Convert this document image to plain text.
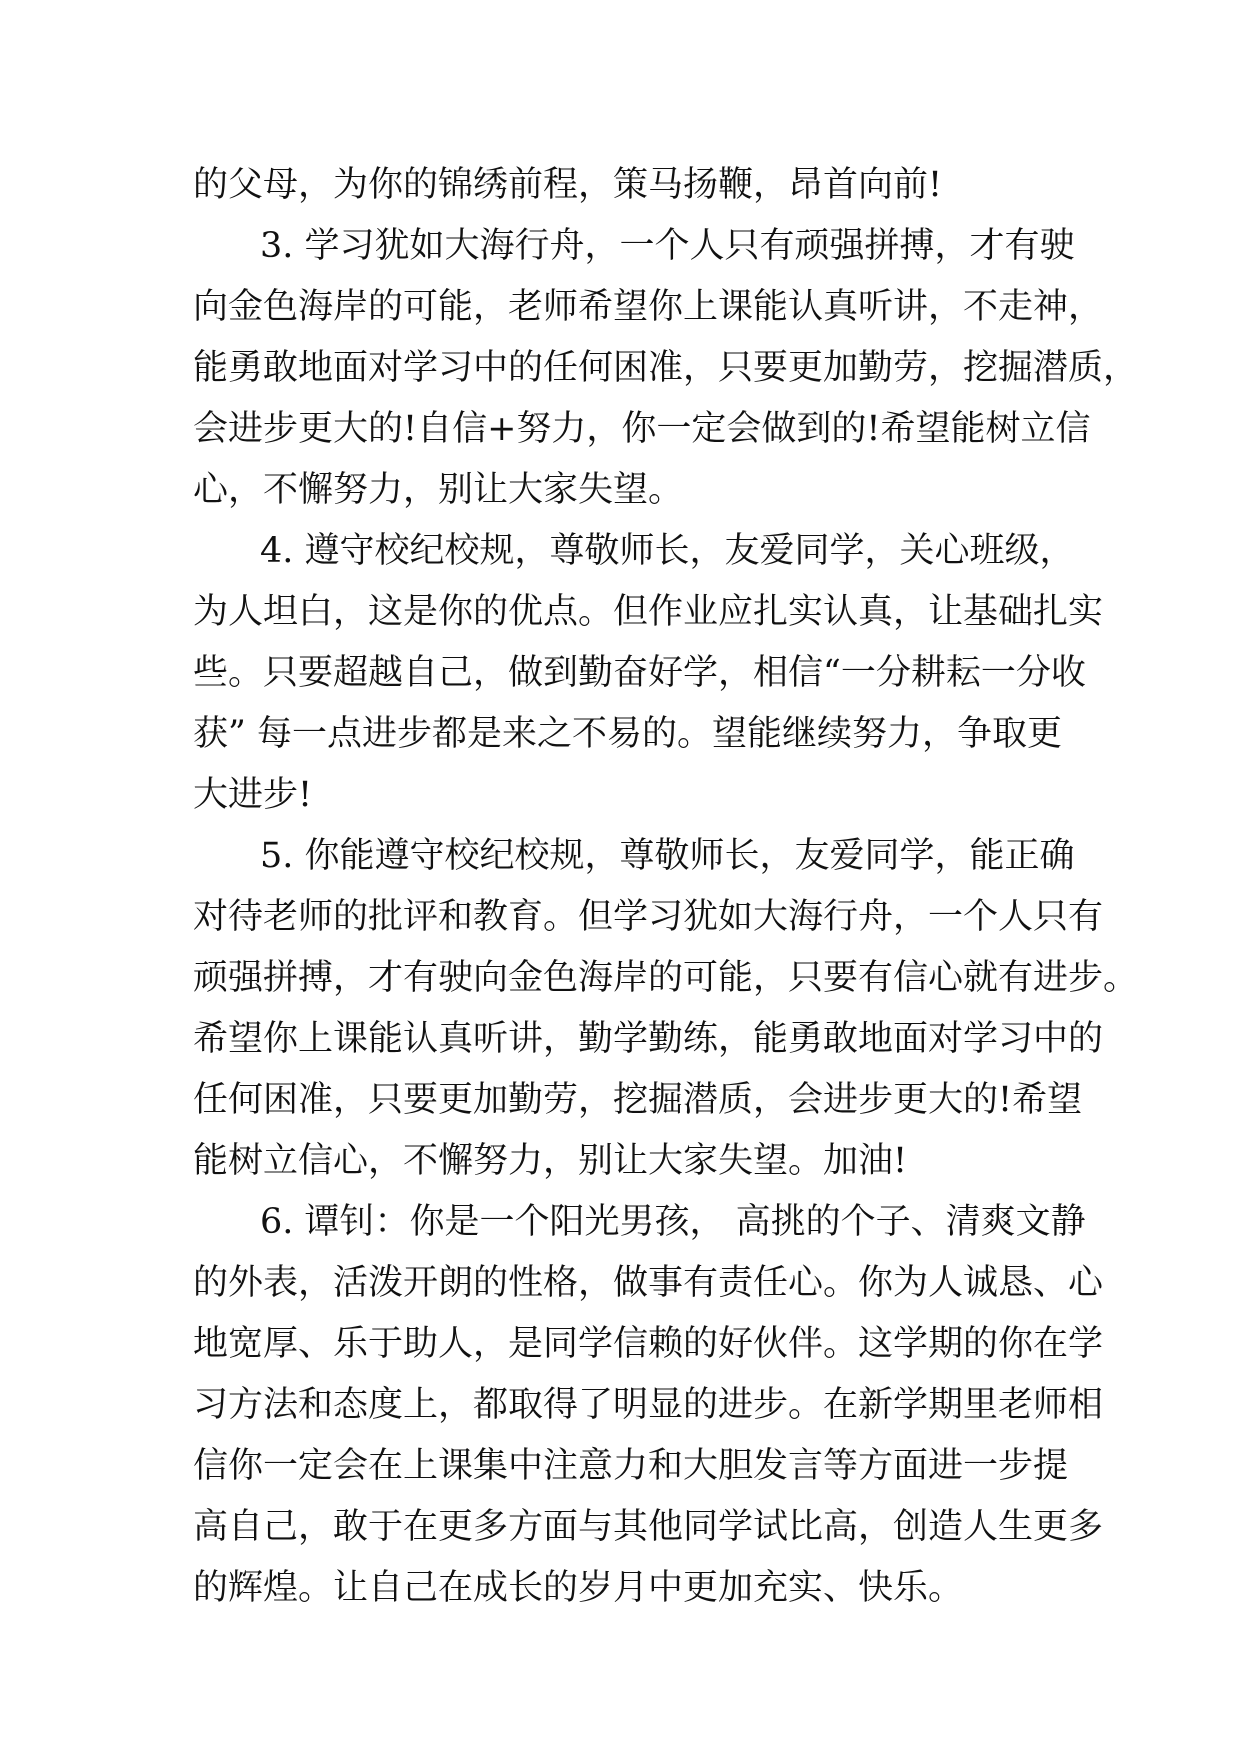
的父母，为你的锦绣前程，策马扬鞭，昂首向前!
3. 学习犹如大海行舟，一个人只有顽强拼搏，才有驶
向金色海岸的可能，老师希望你上课能认真听讲，不走神，
能勇敢地面对学习中的任何困准，只要更加勤劳，挖掘潜质，
会进步更大的!自信+努力，你一定会做到的!希望能树立信
心，不懈努力，别让大家失望。
4. 遵守校纪校规，尊敬师长，友爱同学，关心班级，
为人坦白，这是你的优点。但作业应扎实认真，让基础扎实
些。只要超越自己，做到勤奋好学，相信“一分耕耘一分收
获” 每一点进步都是来之不易的。望能继续努力，争取更
大进步!
5. 你能遵守校纪校规，尊敬师长，友爱同学，能正确
对待老师的批评和教育。但学习犹如大海行舟，一个人只有
顽强拼搏，才有驶向金色海岸的可能，只要有信心就有进步。
希望你上课能认真听讲，勤学勤练，能勇敢地面对学习中的
任何困准，只要更加勤劳，挖掘潜质，会进步更大的!希望
能树立信心，不懈努力，别让大家失望。加油!
6. 谭钊：你是一个阳光男孩， 高挑的个子、清爽文静
的外表，活泼开朗的性格，做事有责任心。你为人诚恳、心
地宽厚、乐于助人，是同学信赖的好伙伴。这学期的你在学
习方法和态度上，都取得了明显的进步。在新学期里老师相
信你一定会在上课集中注意力和大胆发言等方面进一步提
高自己，敢于在更多方面与其他同学试比高，创造人生更多
的辉煌。让自己在成长的岁月中更加充实、快乐。
